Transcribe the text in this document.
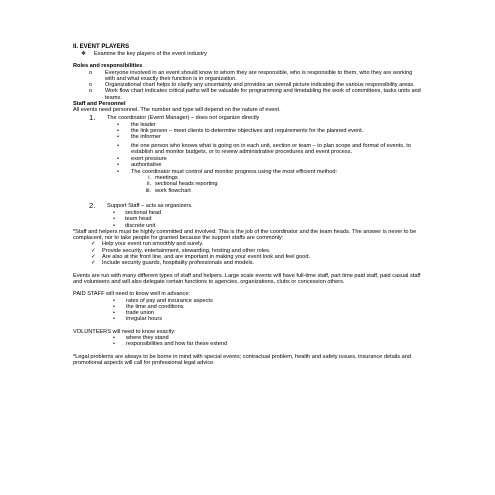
II. EVENT PLAYERS
❖	Examine the key players of the event industry
Roles and responsibilities
o	Everyone involved in an event should know to whom they are responsible, who is responsible to them, who they are working with and what exactly their function is in organization.
o	Organizational chart helps to clarify any uncertainty and provides an overall picture indicating the various responsibility areas.
o	Work flow chart indicates critical paths will be valuable for programming and timetabling the work of committees, tasks units and teams.
Staff and Personnel
All events need personnel. The number and type will depend on the nature of event.
1.	The coordinator (Event Manager) – does not organize directly
•	the leader
•	the link person – meet clients to determine objectives and requirements for the planned event.
•	the informer
•	the one person who knows what is going on in each unit, section or team – to plan scope and format of events, to establish and monitor budgets, or to review administrative procedures and event process.
•	exert pressure
•	authoritative
•	The coordinator must control and monitor progress using the most efficient method:
i. meetings
ii. sectional heads reporting
iii. work flowchart
2.	Support Staff – acts as organizers.
•	sectional head
•	team head
•	discrete unit
*Staff and helpers must be highly committed and involved. This is the job of the coordinator and the team heads. The answer is never to be complacent, nor to take people for granted because the support staffs are commonly:
✓	Help your event run smoothly and surely.
✓	Provide security, entertainment, stewarding, hosting and other roles.
✓	Are also at the front line, and are important in making your event look and feel good.
✓	Include security guards, hospitality professionals and models.
Events are run with many different types of staff and helpers. Large scale events will have full-time staff, part time paid staff, paid casual staff and volunteers and will also delegate certain functions to agencies, organizations, clubs or concession others.
PAID STAFF will need to know well in advance:
•	rates of pay and insurance aspects
•	the time and conditions
•	trade union
•	irregular hours
VOLUNTEERS will need to know exactly:
•	where they stand
•	responsibilities and how far these extend
*Legal problems are always to be borne in mind with special events; contractual problem, health and safety issues, insurance details and promotional aspects will call for professional legal advice.
